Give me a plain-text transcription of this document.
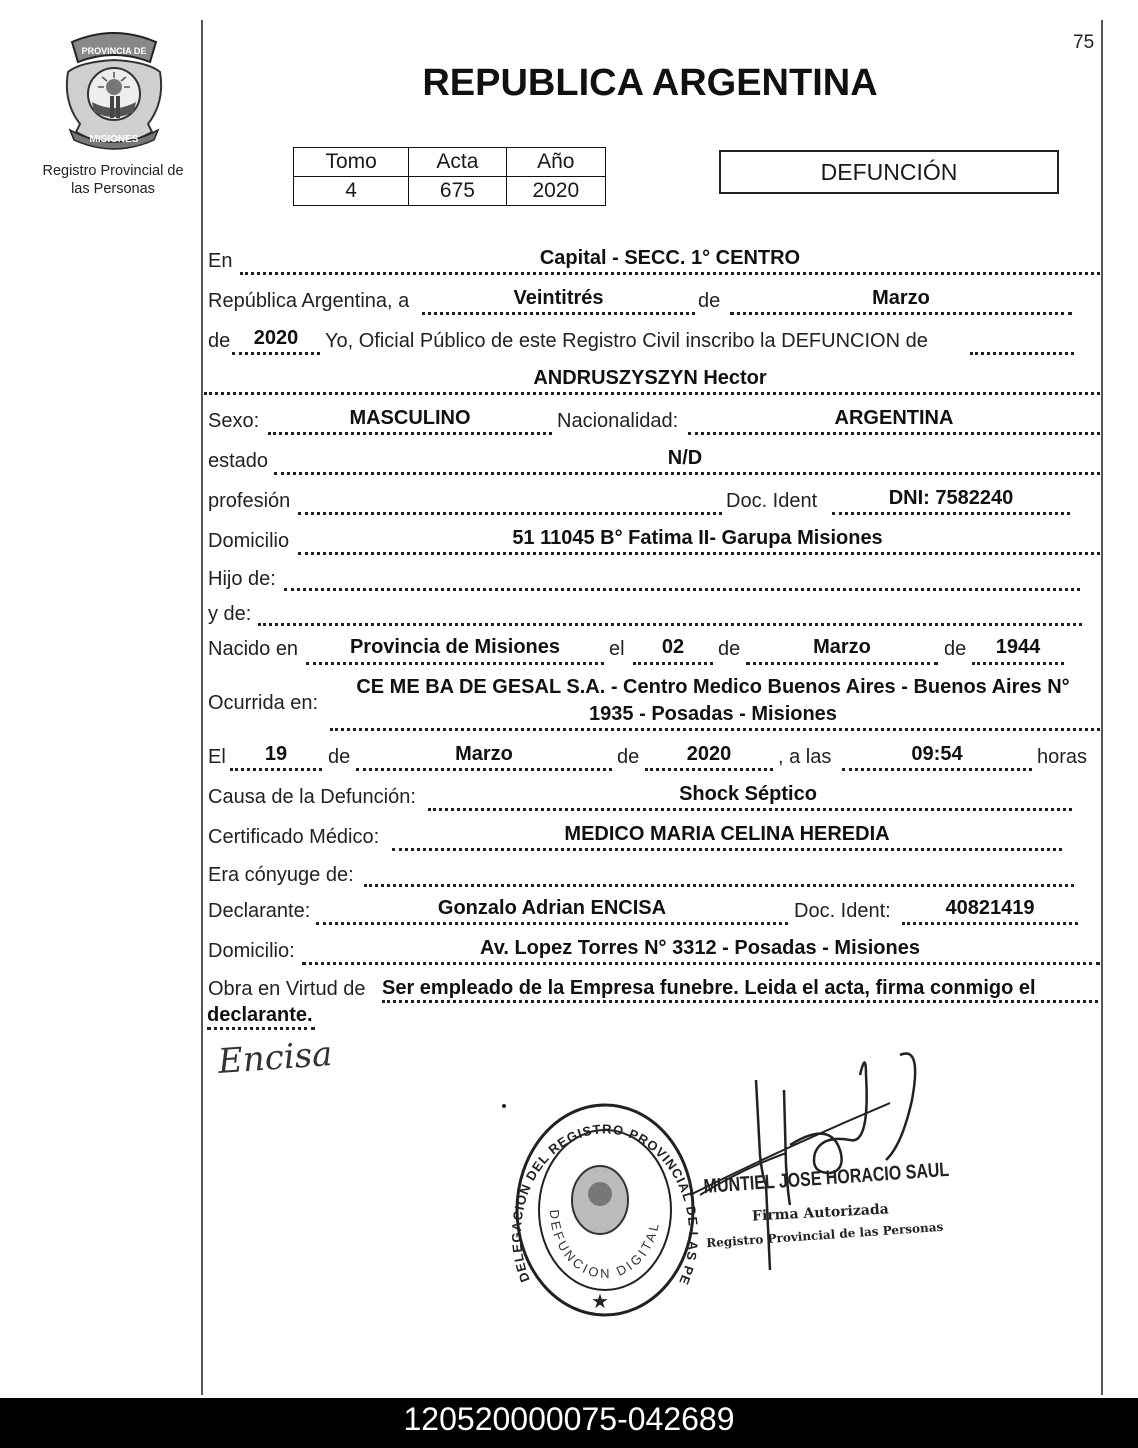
75
PROVINCIA DE
MISIONES
Registro Provincial de las Personas
REPUBLICA ARGENTINA
Tomo	Acta	Año
4	675	2020
DEFUNCIÓN
En	Capital - SECC. 1° CENTRO
República Argentina, a	Veintitrés	de	Marzo
de	2020	Yo, Oficial Público de este Registro Civil inscribo la DEFUNCION de
ANDRUSZYSZYN Hector
Sexo:	MASCULINO	Nacionalidad:	ARGENTINA
estado	N/D
profesión	Doc. Ident	DNI: 7582240
Domicilio	51 11045 B° Fatima II- Garupa Misiones
Hijo de:
y de:
Nacido en	Provincia de Misiones	el	02	de	Marzo	de	1944
Ocurrida en:
CE ME BA DE GESAL S.A. - Centro Medico Buenos Aires - Buenos Aires N°
1935 - Posadas - Misiones
El	19	de	Marzo	de	2020	, a las	09:54	horas
Causa de la Defunción:	Shock Séptico
Certificado Médico:	MEDICO MARIA CELINA HEREDIA
Era cónyuge de:
Declarante:	Gonzalo Adrian ENCISA	Doc. Ident:	40821419
Domicilio:	Av. Lopez Torres N° 3312 - Posadas - Misiones
Obra en Virtud de Ser empleado de la Empresa funebre. Leida el acta, firma conmigo el
declarante.
Encisa
DELEGACION DEL REGISTRO PROVINCIAL DE LAS PE
DEFUNCION DIGITAL
★
MUNTIEL JOSE HORACIO SAUL
Firma Autorizada
Registro Provincial de las Personas
120520000075-042689
